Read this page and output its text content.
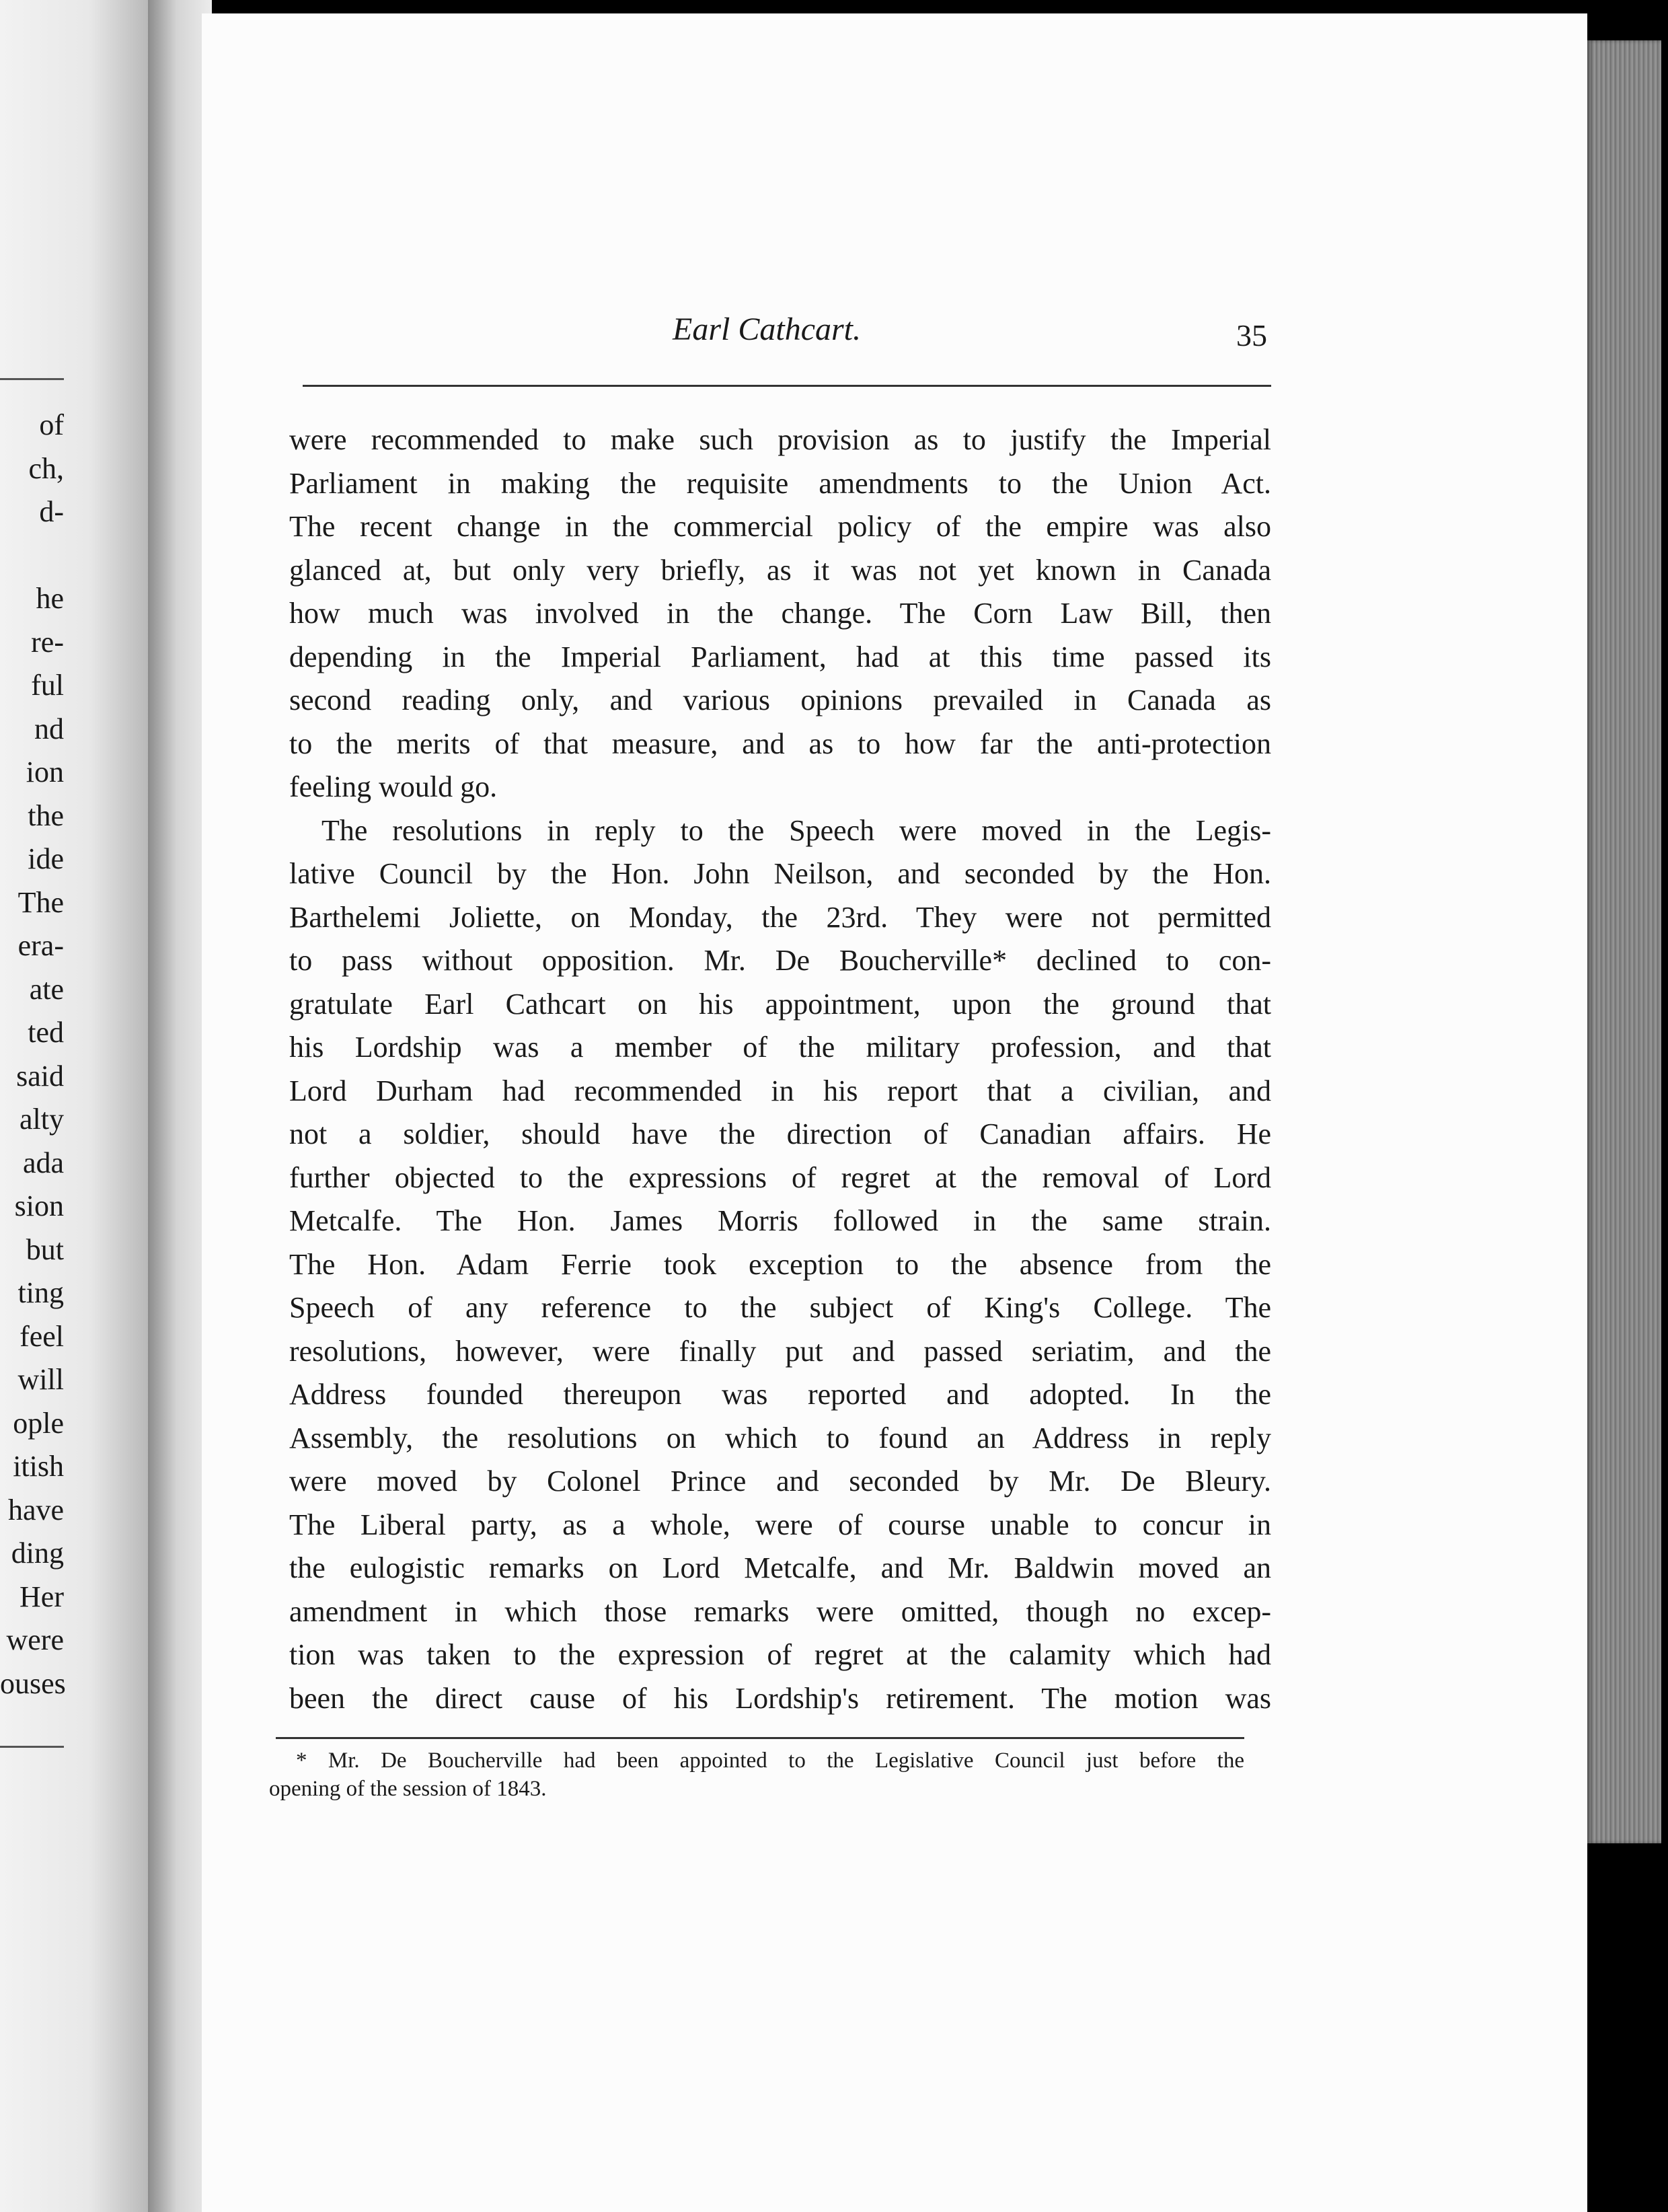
of
ch,
d-

he
re-
ful
nd
ion
the
ide
The
era-
ate
ted
said
alty
ada
sion
but
ting
feel
will
ople
itish
have
ding
Her
were
ouses
Earl Cathcart.	35
were recommended to make such provision as to justify the Imperial
Parliament in making the requisite amendments to the Union Act.
The recent change in the commercial policy of the empire was also
glanced at, but only very briefly, as it was not yet known in Canada
how much was involved in the change. The Corn Law Bill, then
depending in the Imperial Parliament, had at this time passed its
second reading only, and various opinions prevailed in Canada as
to the merits of that measure, and as to how far the anti-protection
feeling would go.
The resolutions in reply to the Speech were moved in the Legis-
lative Council by the Hon. John Neilson, and seconded by the Hon.
Barthelemi Joliette, on Monday, the 23rd. They were not permitted
to pass without opposition. Mr. De Boucherville* declined to con-
gratulate Earl Cathcart on his appointment, upon the ground that
his Lordship was a member of the military profession, and that
Lord Durham had recommended in his report that a civilian, and
not a soldier, should have the direction of Canadian affairs. He
further objected to the expressions of regret at the removal of Lord
Metcalfe. The Hon. James Morris followed in the same strain.
The Hon. Adam Ferrie took exception to the absence from the
Speech of any reference to the subject of King's College. The
resolutions, however, were finally put and passed seriatim, and the
Address founded thereupon was reported and adopted. In the
Assembly, the resolutions on which to found an Address in reply
were moved by Colonel Prince and seconded by Mr. De Bleury.
The Liberal party, as a whole, were of course unable to concur in
the eulogistic remarks on Lord Metcalfe, and Mr. Baldwin moved an
amendment in which those remarks were omitted, though no excep-
tion was taken to the expression of regret at the calamity which had
been the direct cause of his Lordship's retirement. The motion was
* Mr. De Boucherville had been appointed to the Legislative Council just before the
opening of the session of 1843.
